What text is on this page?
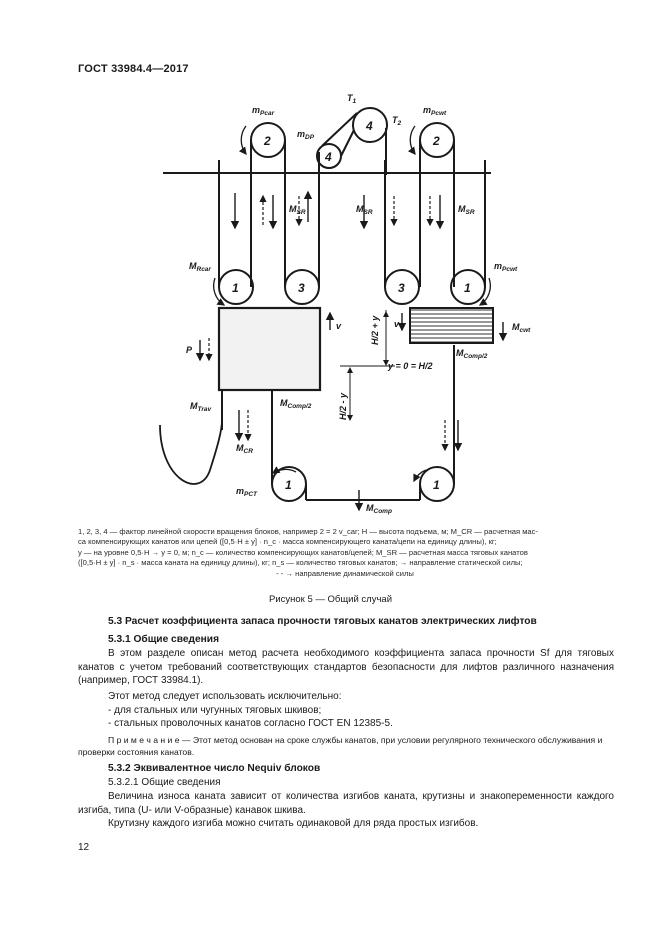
ГОСТ 33984.4—2017
2	2
4
4
1	3	3	1
1	1
$m_{Pcar}$	$m_{Pcwt}$
$m_{DP}$
$T_1$
$T_2$
$M_{SR}$	$M_{SR}$	$M_{SR}$
$M_{Rcar}$	$m_{Pcwt}$
v	v
P
$M_{cwt}$
H/2 + y
H/2 - y
y = 0 = H/2
$M_{Comp/2}$
$M_{Comp/2}$
$M_{Trav}$
$M_{CR}$
$m_{PCT}$
$M_{Comp}$
1, 2, 3, 4 — фактор линейной скорости вращения блоков, например 2 = 2 v_car; H — высота подъема, м; M_CR — расчетная мас-
са компенсирующих канатов или цепей ([0,5·H ± y] · n_c · масса компенсирующего каната/цепи на единицу длины), кг;
y — на уровне 0,5·H → y = 0, м; n_c — количество компенсирующих канатов/цепей; M_SR — расчетная масса тяговых канатов
([0,5·H ± y] · n_s · масса каната на единицу длины), кг; n_s — количество тяговых канатов; → направление статической силы;
- - → направление динамической силы
Рисунок 5 — Общий случай
5.3 Расчет коэффициента запаса прочности тяговых канатов электрических лифтов
5.3.1 Общие сведения
В этом разделе описан метод расчета необходимого коэффициента запаса прочности Sf для тяговых канатов с учетом требований соответствующих стандартов безопасности для лифтов различного назначения (например, ГОСТ 33984.1).
Этот метод следует использовать исключительно:
- для стальных или чугунных тяговых шкивов;
- стальных проволочных канатов согласно ГОСТ EN 12385-5.
П р и м е ч а н и е — Этот метод основан на сроке службы канатов, при условии регулярного технического обслуживания и проверки состояния канатов.
5.3.2 Эквивалентное число Nequiv блоков
5.3.2.1 Общие сведения
Величина износа каната зависит от количества изгибов каната, крутизны и знакопеременности каждого изгиба, типа (U- или V-образные) канавок шкива.
Крутизну каждого изгиба можно считать одинаковой для ряда простых изгибов.
12
